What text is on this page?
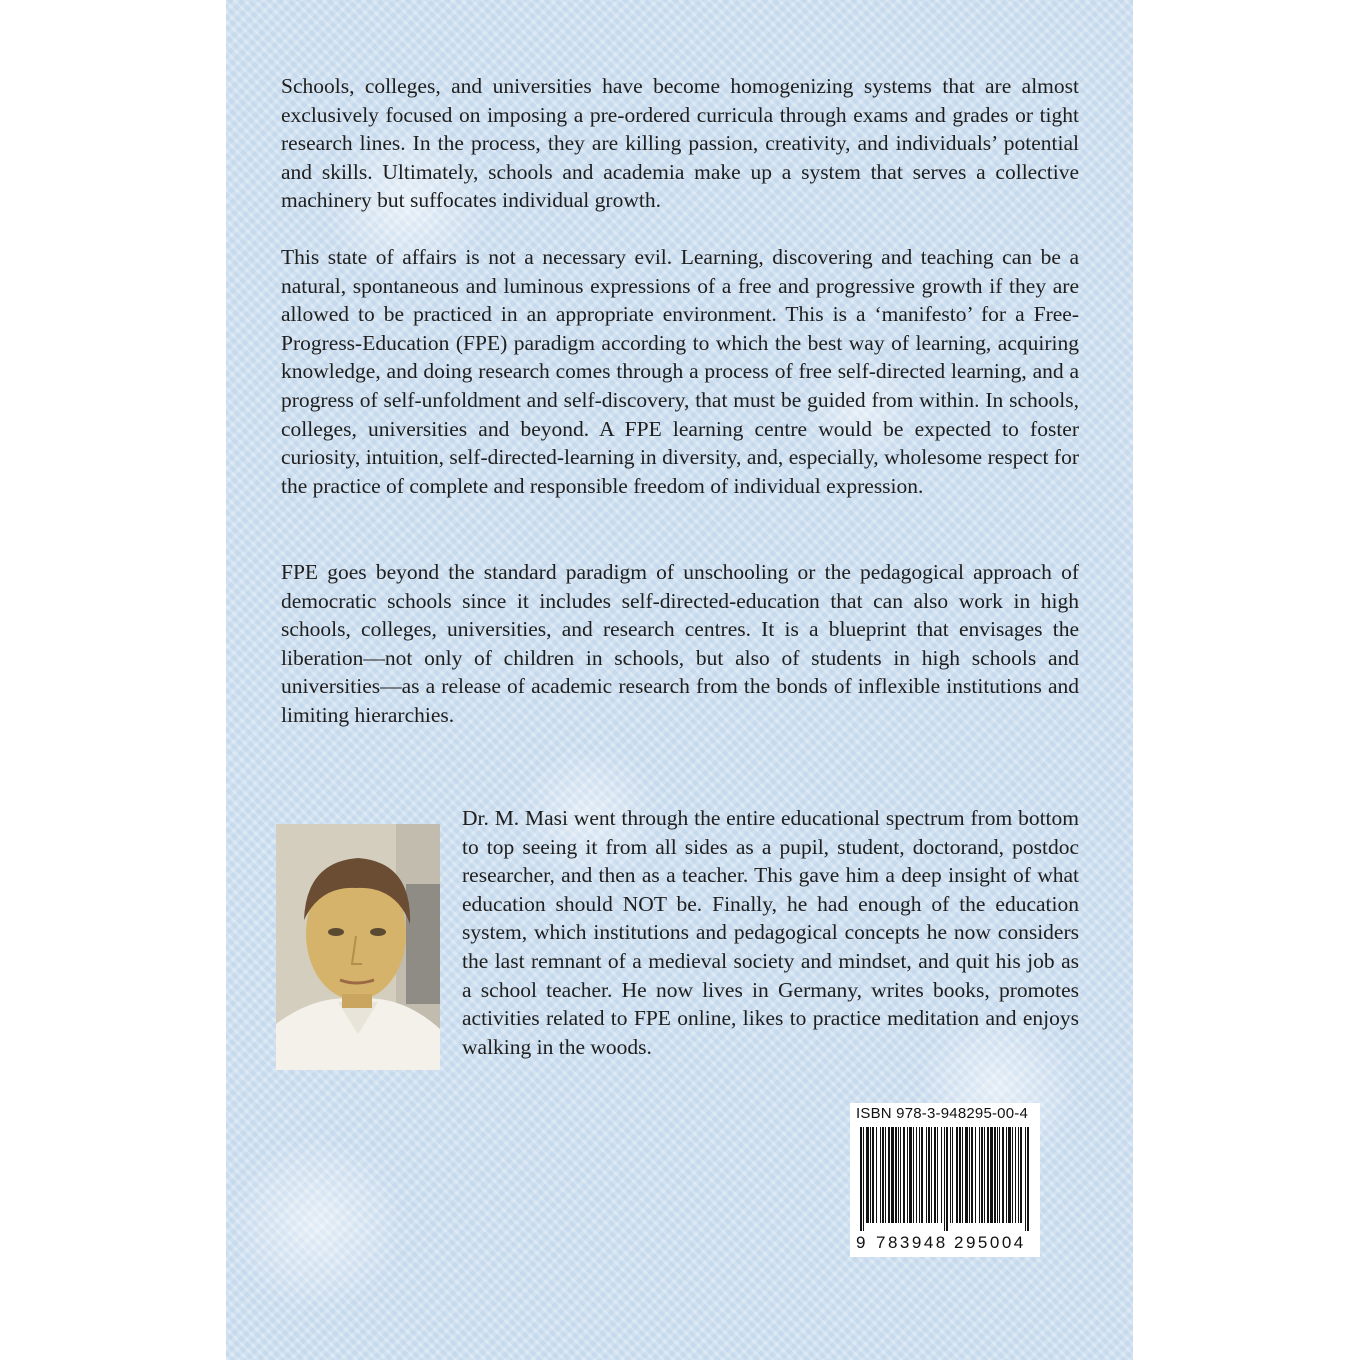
Schools, colleges, and universities have become homogenizing systems that are almost exclusively focused on imposing a pre-ordered curricula through exams and grades or tight research lines. In the process, they are killing passion, creativity, and individuals’ potential and skills. Ultimately, schools and academia make up a system that serves a collective machinery but suffocates individual growth.

This state of affairs is not a necessary evil. Learning, discovering and teaching can be a natural, spontaneous and luminous expressions of a free and progressive growth if they are allowed to be practiced in an appropriate environment. This is a ‘manifesto’ for a Free-Progress-Education (FPE) paradigm according to which the best way of learning, acquiring knowledge, and doing research comes through a process of free self-directed learning, and a progress of self-unfoldment and self-discovery, that must be guided from within. In schools, colleges, universities and beyond. A FPE learning centre would be expected to foster curiosity, intuition, self-directed-learning in diversity, and, especially, wholesome respect for the practice of complete and responsible freedom of individual expression.

FPE goes beyond the standard paradigm of unschooling or the pedagogical approach of democratic schools since it includes self-directed-education that can also work in high schools, colleges, universities, and research centres. It is a blueprint that envisages the liberation—not only of children in schools, but also of students in high schools and universities—as a release of academic research from the bonds of inflexible institutions and limiting hierarchies.

Dr. M. Masi went through the entire educational spectrum from bottom to top seeing it from all sides as a pupil, student, doctorand, postdoc researcher, and then as a teacher. This gave him a deep insight of what education should NOT be. Finally, he had enough of the education system, which institutions and pedagogical concepts he now considers the last remnant of a medieval society and mindset, and quit his job as a school teacher. He now lives in Germany, writes books, promotes activities related to FPE online, likes to practice meditation and enjoys walking in the woods.

ISBN 978-3-948295-00-4
9 783948 295004
